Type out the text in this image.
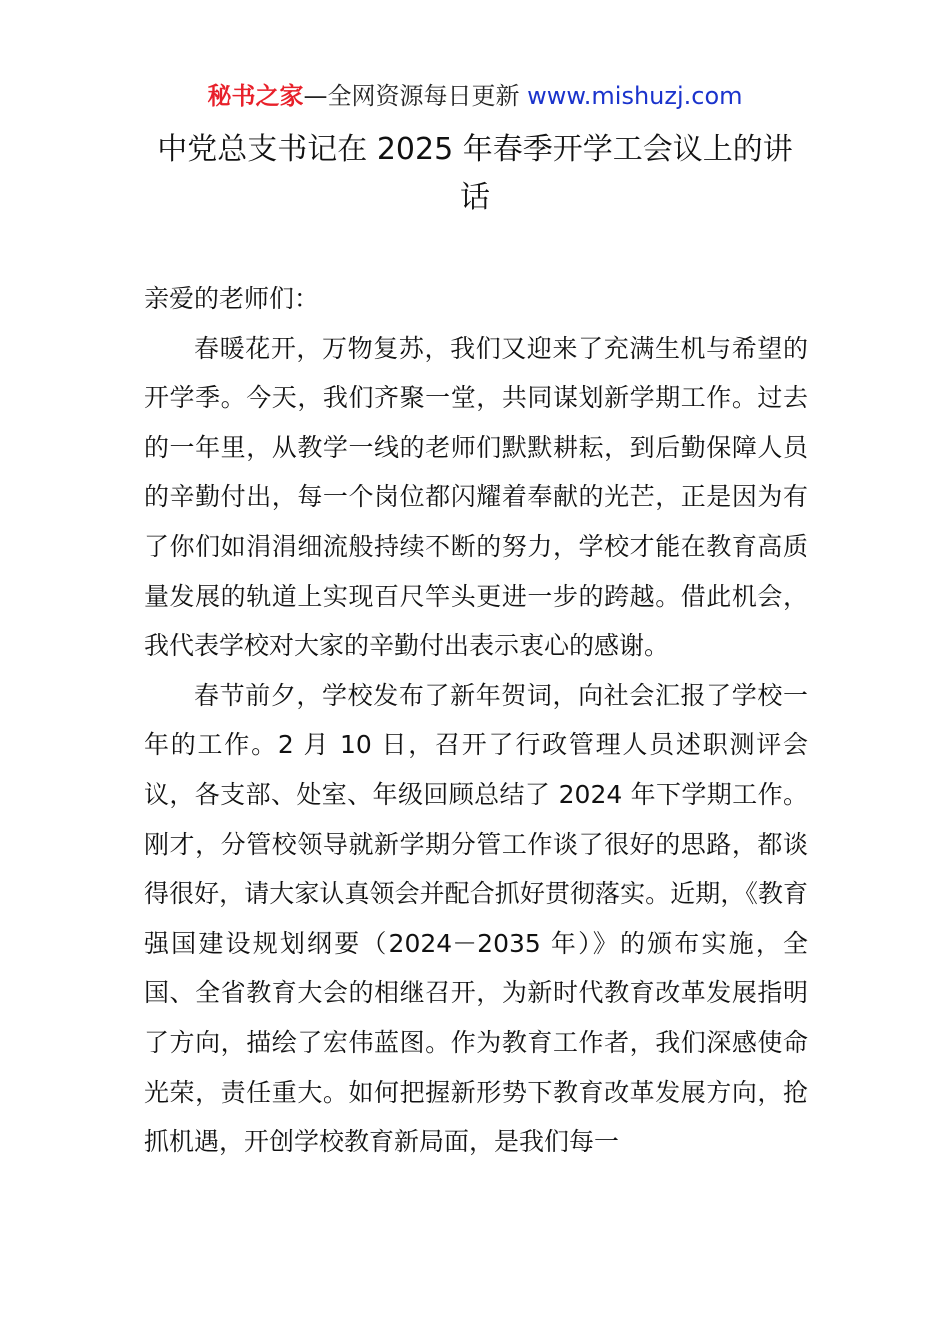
秘书之家—全网资源每日更新 www.mishuzj.com
中党总支书记在 2025 年春季开学工会议上的讲话

亲爱的老师们：

春暖花开，万物复苏，我们又迎来了充满生机与希望的开学季。今天，我们齐聚一堂，共同谋划新学期工作。过去的一年里，从教学一线的老师们默默耕耘，到后勤保障人员的辛勤付出，每一个岗位都闪耀着奉献的光芒，正是因为有了你们如涓涓细流般持续不断的努力，学校才能在教育高质量发展的轨道上实现百尺竿头更进一步的跨越。借此机会，我代表学校对大家的辛勤付出表示衷心的感谢。

春节前夕，学校发布了新年贺词，向社会汇报了学校一年的工作。2 月 10 日，召开了行政管理人员述职测评会议，各支部、处室、年级回顾总结了 2024 年下学期工作。刚才，分管校领导就新学期分管工作谈了很好的思路，都谈得很好，请大家认真领会并配合抓好贯彻落实。近期，《教育强国建设规划纲要（2024－2035 年）》的颁布实施，全国、全省教育大会的相继召开，为新时代教育改革发展指明了方向，描绘了宏伟蓝图。作为教育工作者，我们深感使命光荣，责任重大。如何把握新形势下教育改革发展方向，抢抓机遇，开创学校教育新局面，是我们每一
